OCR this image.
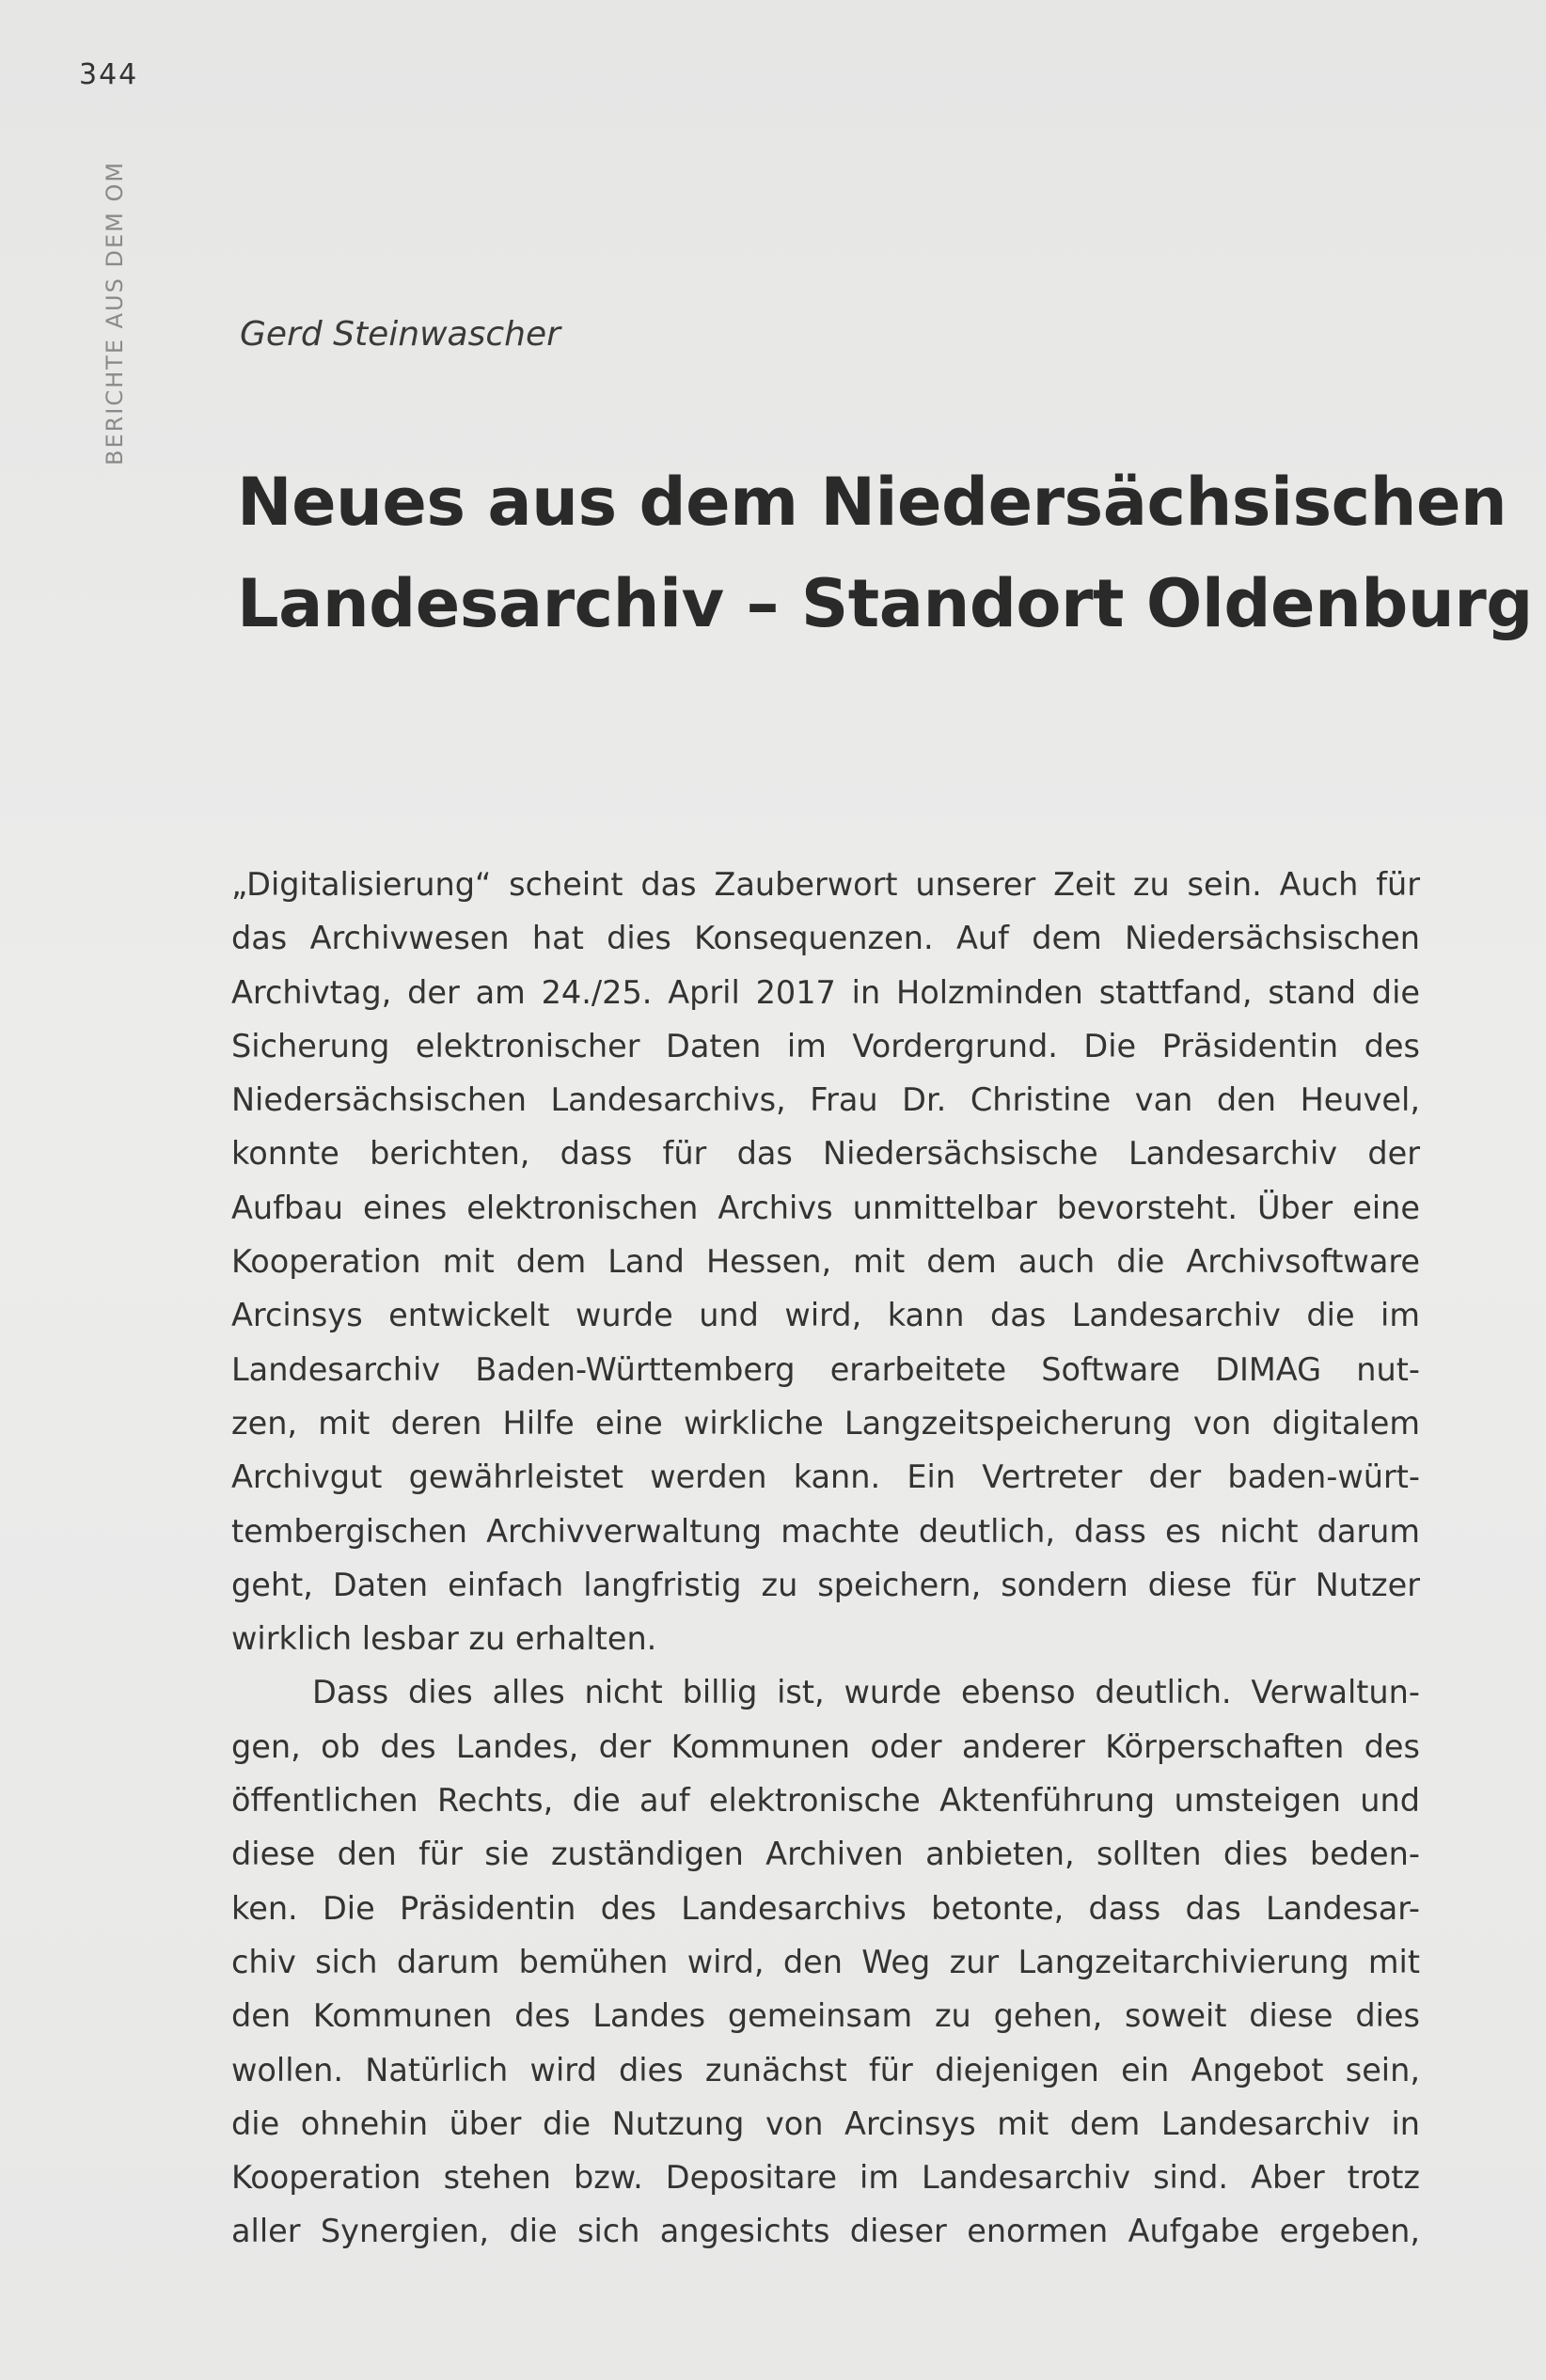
344
BERICHTE AUS DEM OM	Gerd Steinwascher
Neues aus dem Niedersächsischen
Landesarchiv – Standort Oldenburg
„Digitalisierung“ scheint das Zauberwort unserer Zeit zu sein. Auch für
das Archivwesen hat dies Konsequenzen. Auf dem Niedersächsischen
Archivtag, der am 24./25. April 2017 in Holzminden stattfand, stand die
Sicherung elektronischer Daten im Vordergrund. Die Präsidentin des
Niedersächsischen Landesarchivs, Frau Dr. Christine van den Heuvel,
konnte berichten, dass für das Niedersächsische Landesarchiv der
Aufbau eines elektronischen Archivs unmittelbar bevorsteht. Über eine
Kooperation mit dem Land Hessen, mit dem auch die Archivsoftware
Arcinsys entwickelt wurde und wird, kann das Landesarchiv die im
Landesarchiv Baden-Württemberg erarbeitete Software DIMAG nut-
zen, mit deren Hilfe eine wirkliche Langzeitspeicherung von digitalem
Archivgut gewährleistet werden kann. Ein Vertreter der baden-würt-
tembergischen Archivverwaltung machte deutlich, dass es nicht darum
geht, Daten einfach langfristig zu speichern, sondern diese für Nutzer
wirklich lesbar zu erhalten.
Dass dies alles nicht billig ist, wurde ebenso deutlich. Verwaltun-
gen, ob des Landes, der Kommunen oder anderer Körperschaften des
öffentlichen Rechts, die auf elektronische Aktenführung umsteigen und
diese den für sie zuständigen Archiven anbieten, sollten dies beden-
ken. Die Präsidentin des Landesarchivs betonte, dass das Landesar-
chiv sich darum bemühen wird, den Weg zur Langzeitarchivierung mit
den Kommunen des Landes gemeinsam zu gehen, soweit diese dies
wollen. Natürlich wird dies zunächst für diejenigen ein Angebot sein,
die ohnehin über die Nutzung von Arcinsys mit dem Landesarchiv in
Kooperation stehen bzw. Depositare im Landesarchiv sind. Aber trotz
aller Synergien, die sich angesichts dieser enormen Aufgabe ergeben,
